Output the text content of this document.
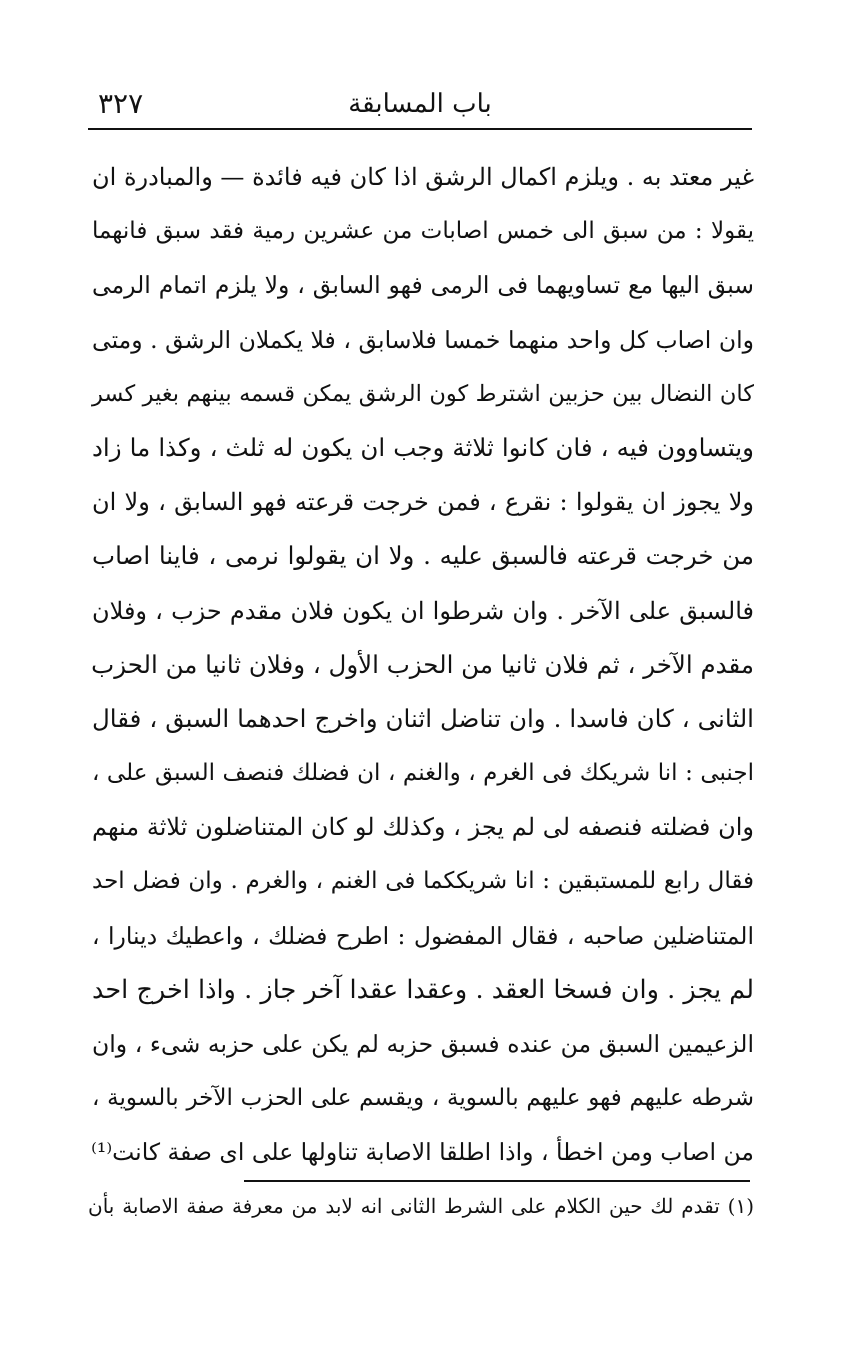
٣٢٧	باب المسابقة
غير معتد به . ويلزم اكمال الرشق اذا كان فيه فائدة — والمبادرة ان
يقولا : من سبق الى خمس اصابات من عشرين رمية فقد سبق فانهما
سبق اليها مع تساويهما فى الرمى فهو السابق ، ولا يلزم اتمام الرمى
وان اصاب كل واحد منهما خمسا فلاسابق ، فلا يكملان الرشق . ومتى
كان النضال بين حزبين اشترط كون الرشق يمكن قسمه بينهم بغير كسر
ويتساوون فيه ، فان كانوا ثلاثة وجب ان يكون له ثلث ، وكذا ما زاد
ولا يجوز ان يقولوا : نقرع ، فمن خرجت قرعته فهو السابق ، ولا ان
من خرجت قرعته فالسبق عليه . ولا ان يقولوا نرمى ، فاينا اصاب
فالسبق على الآخر . وان شرطوا ان يكون فلان مقدم حزب ، وفلان
مقدم الآخر ، ثم فلان ثانيا من الحزب الأول ، وفلان ثانيا من الحزب
الثانى ، كان فاسدا . وان تناضل اثنان واخرج احدهما السبق ، فقال
اجنبى : انا شريكك فى الغرم ، والغنم ، ان فضلك فنصف السبق على ،
وان فضلته فنصفه لى لم يجز ، وكذلك لو كان المتناضلون ثلاثة منهم
فقال رابع للمستبقين : انا شريككما فى الغنم ، والغرم . وان فضل احد
المتناضلين صاحبه ، فقال المفضول : اطرح فضلك ، واعطيك دينارا ،
لم يجز . وان فسخا العقد . وعقدا عقدا آخر جاز . واذا اخرج احد
الزعيمين السبق من عنده فسبق حزبه لم يكن على حزبه شىء ، وان
شرطه عليهم فهو عليهم بالسوية ، ويقسم على الحزب الآخر بالسوية ،
من اصاب ومن اخطأ ، واذا اطلقا الاصابة تناولها على اى صفة كانت⁽¹⁾
(١) تقدم لك حين الكلام على الشرط الثانى انه لابد من معرفة صفة الاصابة بأن
